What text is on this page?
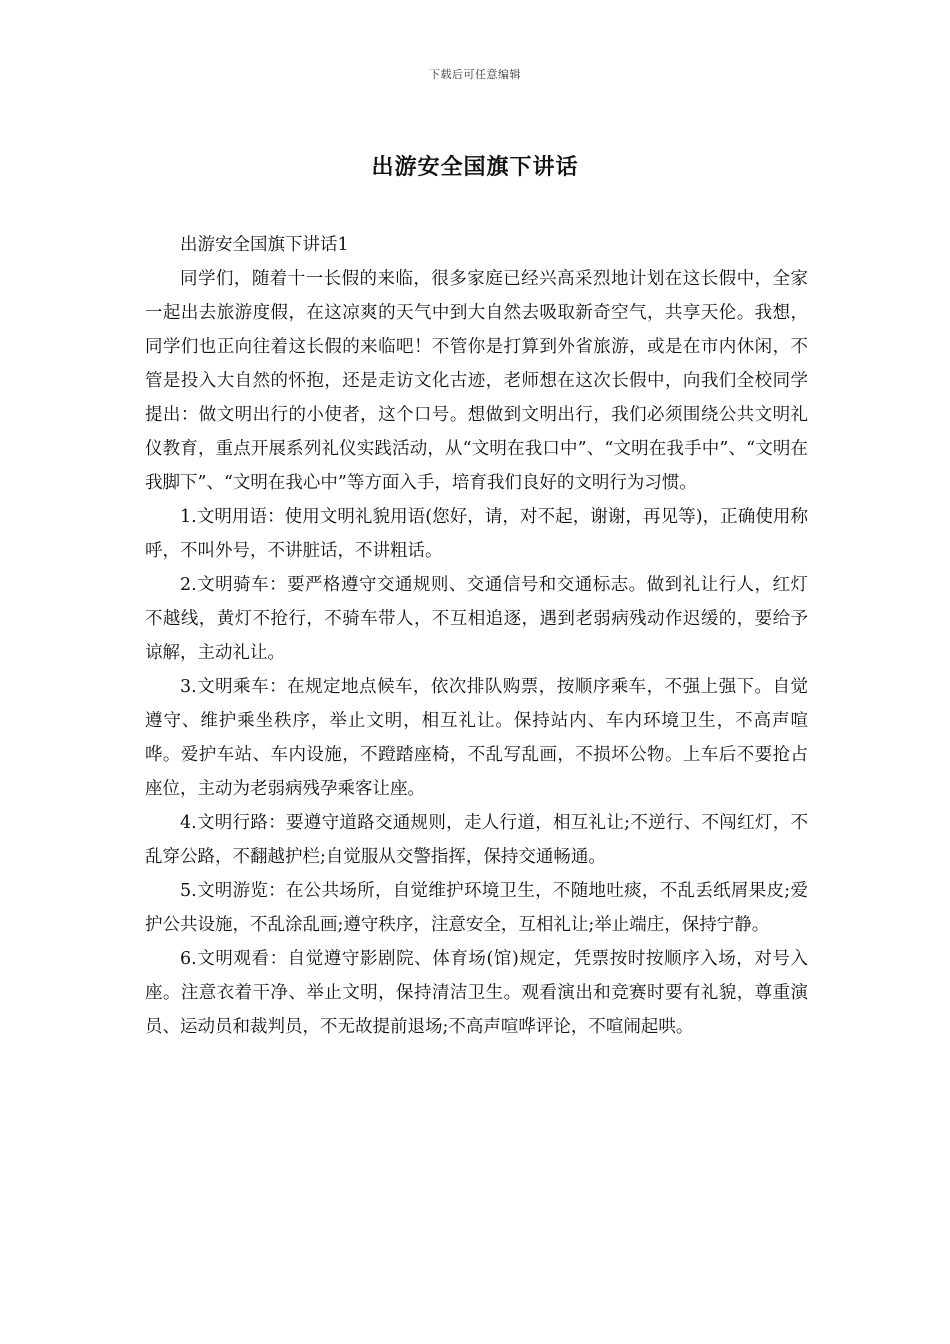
下载后可任意编辑
出游安全国旗下讲话

出游安全国旗下讲话1

同学们，随着十一长假的来临，很多家庭已经兴高采烈地计划在这长假中，全家一起出去旅游度假，在这凉爽的天气中到大自然去吸取新奇空气，共享天伦。我想，同学们也正向往着这长假的来临吧！不管你是打算到外省旅游，或是在市内休闲，不管是投入大自然的怀抱，还是走访文化古迹，老师想在这次长假中，向我们全校同学提出：做文明出行的小使者，这个口号。想做到文明出行，我们必须围绕公共文明礼仪教育，重点开展系列礼仪实践活动，从“文明在我口中”、“文明在我手中”、“文明在我脚下”、“文明在我心中”等方面入手，培育我们良好的文明行为习惯。

1.文明用语：使用文明礼貌用语(您好，请，对不起，谢谢，再见等)，正确使用称呼，不叫外号，不讲脏话，不讲粗话。

2.文明骑车：要严格遵守交通规则、交通信号和交通标志。做到礼让行人，红灯不越线，黄灯不抢行，不骑车带人，不互相追逐，遇到老弱病残动作迟缓的，要给予谅解，主动礼让。

3.文明乘车：在规定地点候车，依次排队购票，按顺序乘车，不强上强下。自觉遵守、维护乘坐秩序，举止文明，相互礼让。保持站内、车内环境卫生，不高声喧哗。爱护车站、车内设施，不蹬踏座椅，不乱写乱画，不损坏公物。上车后不要抢占座位，主动为老弱病残孕乘客让座。

4.文明行路：要遵守道路交通规则，走人行道，相互礼让;不逆行、不闯红灯，不乱穿公路，不翻越护栏;自觉服从交警指挥，保持交通畅通。

5.文明游览：在公共场所，自觉维护环境卫生，不随地吐痰，不乱丢纸屑果皮;爱护公共设施，不乱涂乱画;遵守秩序，注意安全，互相礼让;举止端庄，保持宁静。

6.文明观看：自觉遵守影剧院、体育场(馆)规定，凭票按时按顺序入场，对号入座。注意衣着干净、举止文明，保持清洁卫生。观看演出和竞赛时要有礼貌，尊重演员、运动员和裁判员，不无故提前退场;不高声喧哗评论，不喧闹起哄。
